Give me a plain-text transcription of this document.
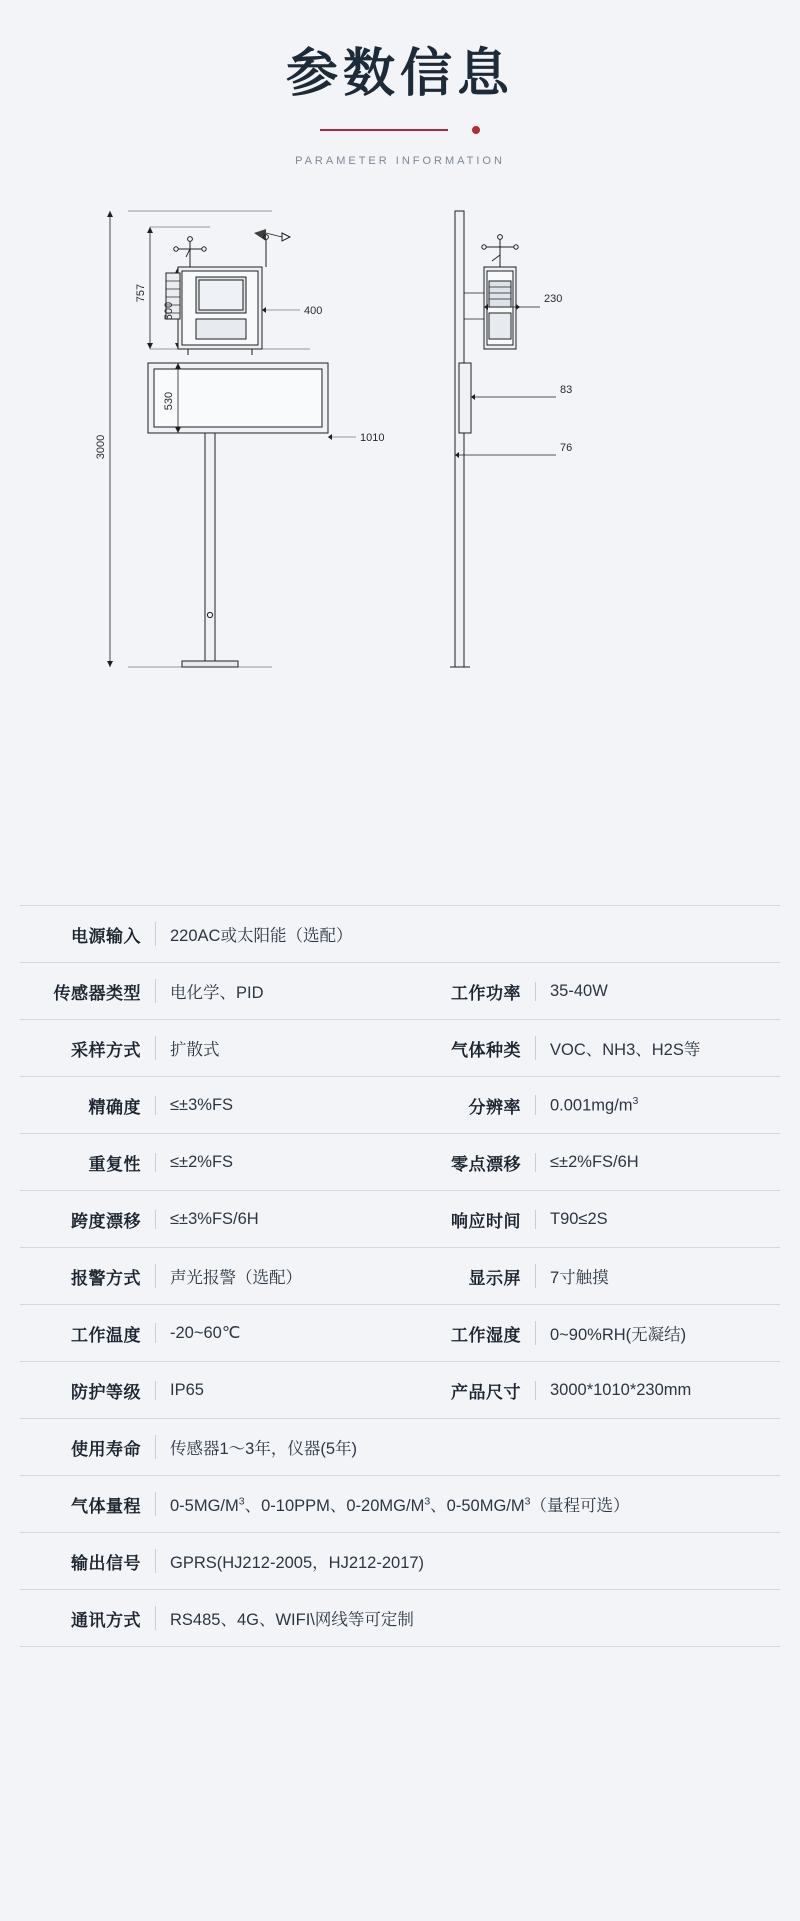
参数信息
PARAMETER INFORMATION
3000
757
500	400
530
1010
230
83
76
电源输入	220AC或太阳能（选配）
传感器类型	电化学、PID	工作功率	35-40W
采样方式	扩散式	气体种类	VOC、NH3、H2S等
精确度	≤±3%FS	分辨率	$0.001mg/m^3$
重复性	≤±2%FS	零点漂移	≤±2%FS/6H
跨度漂移	≤±3%FS/6H	响应时间	T90≤2S
报警方式	声光报警（选配）	显示屏	7寸触摸
工作温度	-20~60℃	工作湿度	0~90%RH(无凝结)
防护等级	IP65	产品尺寸	3000*1010*230mm
使用寿命	传感器1～3年，仪器(5年)
气体量程	$0-5MG/M^3$、0-10PPM、$0-20MG/M^3$、$0-50MG/M^3$（量程可选）
输出信号	GPRS(HJ212-2005，HJ212-2017)
通讯方式	RS485、4G、WIFI\网线等可定制
